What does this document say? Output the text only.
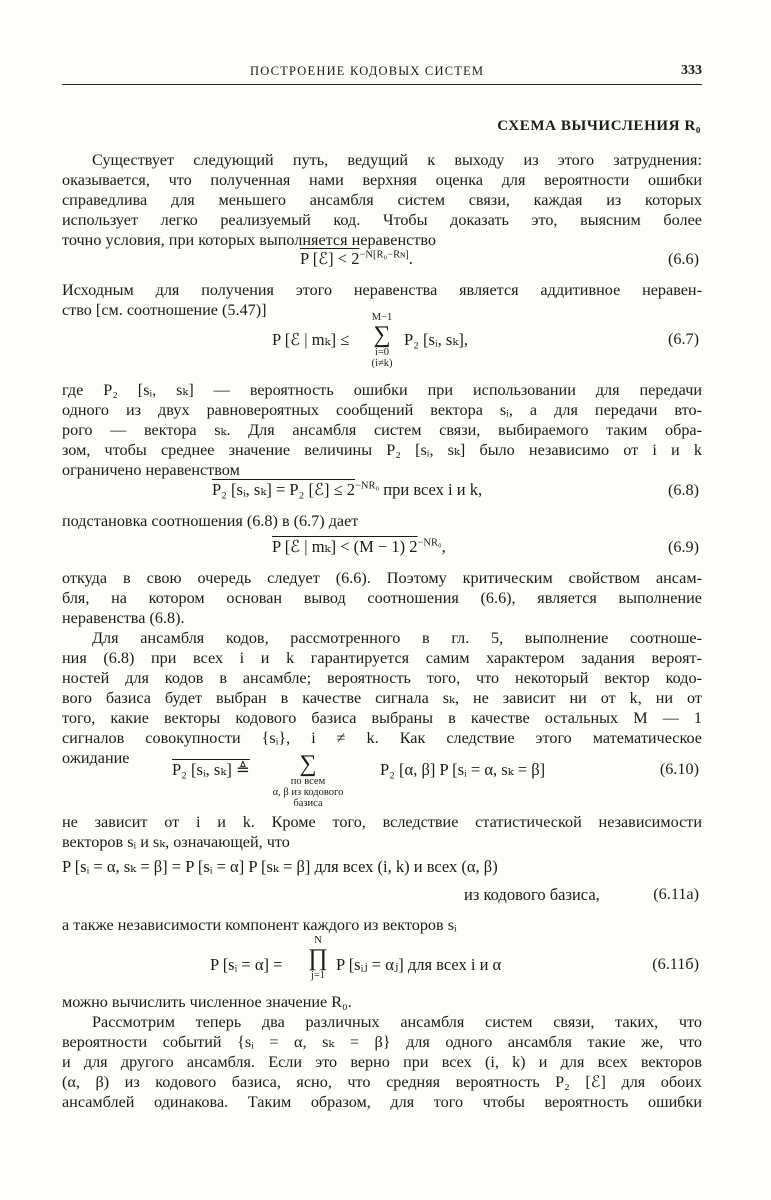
ПОСТРОЕНИЕ КОДОВЫХ СИСТЕМ	333
СХЕМА ВЫЧИСЛЕНИЯ R₀
Существует следующий путь, ведущий к выходу из этого затруднения:
оказывается, что полученная нами верхняя оценка для вероятности ошибки
справедлива для меньшего ансамбля систем связи, каждая из которых
использует легко реализуемый код. Чтобы доказать это, выясним более
точно условия, при которых выполняется неравенство
P [ℰ] < $2^{-N[R_0-Rɴ]}$.	(6.6)
Исходным для получения этого неравенства является аддитивное нерaвен-
ство [см. соотношение (5.47)]
P [ℰ | mₖ] ≤
M−1
∑
i=0
(i≠k)
P₂ [sᵢ, sₖ],	(6.7)
где P₂ [sᵢ, sₖ] — вероятность ошибки при использовании для передачи
одного из двух равновероятных сообщений вектора sᵢ, а для передачи вто-
рого — вектора sₖ. Для ансамбля систем связи, выбираемого таким обра-
зом, чтобы среднее значение величины P₂ [sᵢ, sₖ] было независимо от i и k
ограничено неравенством
P₂ [sᵢ, sₖ] = P₂ [ℰ] ≤ $2^{-NR_0}$ при всех i и k,	(6.8)
подстановка соотношения (6.8) в (6.7) дает
P [ℰ | mₖ] < (M − 1) $2^{-NR_0}$,	(6.9)
откуда в свою очередь следует (6.6). Поэтому критическим свойством ансам-
бля, на котором основан вывод соотношения (6.6), является выполнение
неравенства (6.8).
Для ансамбля кодов, рассмотренного в гл. 5, выполнение соотноше-
ния (6.8) при всех i и k гарантируется самим характером задания вероят-
ностей для кодов в ансамбле; вероятность того, что некоторый вектор кодо-
вого базиса будет выбран в качестве сигнала sₖ, не зависит ни от k, ни от
того, какие векторы кодового базиса выбраны в качестве остальных M — 1
сигналов совокупности {sᵢ}, i ≠ k. Как следствие этого математическое
ожидание
P₂ [sᵢ, sₖ] ≜	∑
по всем
α, β из кодового
базиса
P₂ [α, β] P [sᵢ = α, sₖ = β]	(6.10)
не зависит от i и k. Кроме того, вследствие статистической независимости
векторов sᵢ и sₖ, означающей, что
P [sᵢ = α, sₖ = β] = P [sᵢ = α] P [sₖ = β] для всех (i, k) и всех (α, β)
из кодового базиса,	(6.11a)
а также независимости компонент каждого из векторов sᵢ
P [sᵢ = α] =
N
∏
j=1
P [sᵢⱼ = αⱼ] для всех i и α	(6.11б)
можно вычислить численное значение R₀.
Рассмотрим теперь два различных ансамбля систем связи, таких, что
вероятности событий {sᵢ = α, sₖ = β} для одного ансамбля такие же, что
и для другого ансамбля. Если это верно при всех (i, k) и для всех векторов
(α, β) из кодового базиса, ясно, что средняя вероятность P₂ [ℰ] для обоих
ансамблей одинакова. Таким образом, для того чтобы вероятность ошибки
